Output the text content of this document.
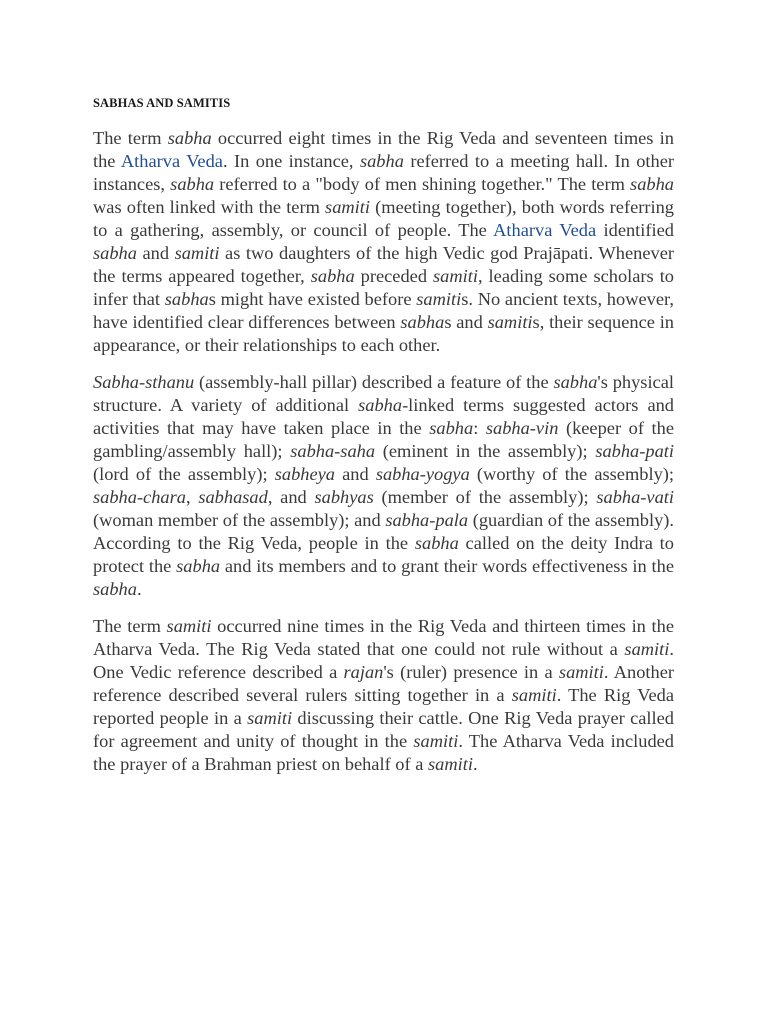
SABHAS AND SAMITIS

The term sabha occurred eight times in the Rig Veda and seventeen times in the Atharva Veda. In one instance, sabha referred to a meeting hall. In other instances, sabha referred to a "body of men shining together." The term sabha was often linked with the term samiti (meeting together), both words referring to a gathering, assembly, or council of people. The Atharva Veda identified sabha and samiti as two daughters of the high Vedic god Prajāpati. Whenever the terms appeared together, sabha preceded samiti, leading some scholars to infer that sabhas might have existed before samitis. No ancient texts, however, have identified clear differences between sabhas and samitis, their sequence in appearance, or their relationships to each other.

Sabha-sthanu (assembly-hall pillar) described a feature of the sabha's physical structure. A variety of additional sabha-linked terms suggested actors and activities that may have taken place in the sabha: sabha-vin (keeper of the gambling/assembly hall); sabha-saha (eminent in the assembly); sabha-pati (lord of the assembly); sabheya and sabha-yogya (worthy of the assembly); sabha-chara, sabhasad, and sabhyas (member of the assembly); sabha-vati (woman member of the assembly); and sabha-pala (guardian of the assembly). According to the Rig Veda, people in the sabha called on the deity Indra to protect the sabha and its members and to grant their words effectiveness in the sabha.

The term samiti occurred nine times in the Rig Veda and thirteen times in the Atharva Veda. The Rig Veda stated that one could not rule without a samiti. One Vedic reference described a rajan's (ruler) presence in a samiti. Another reference described several rulers sitting together in a samiti. The Rig Veda reported people in a samiti discussing their cattle. One Rig Veda prayer called for agreement and unity of thought in the samiti. The Atharva Veda included the prayer of a Brahman priest on behalf of a samiti.
